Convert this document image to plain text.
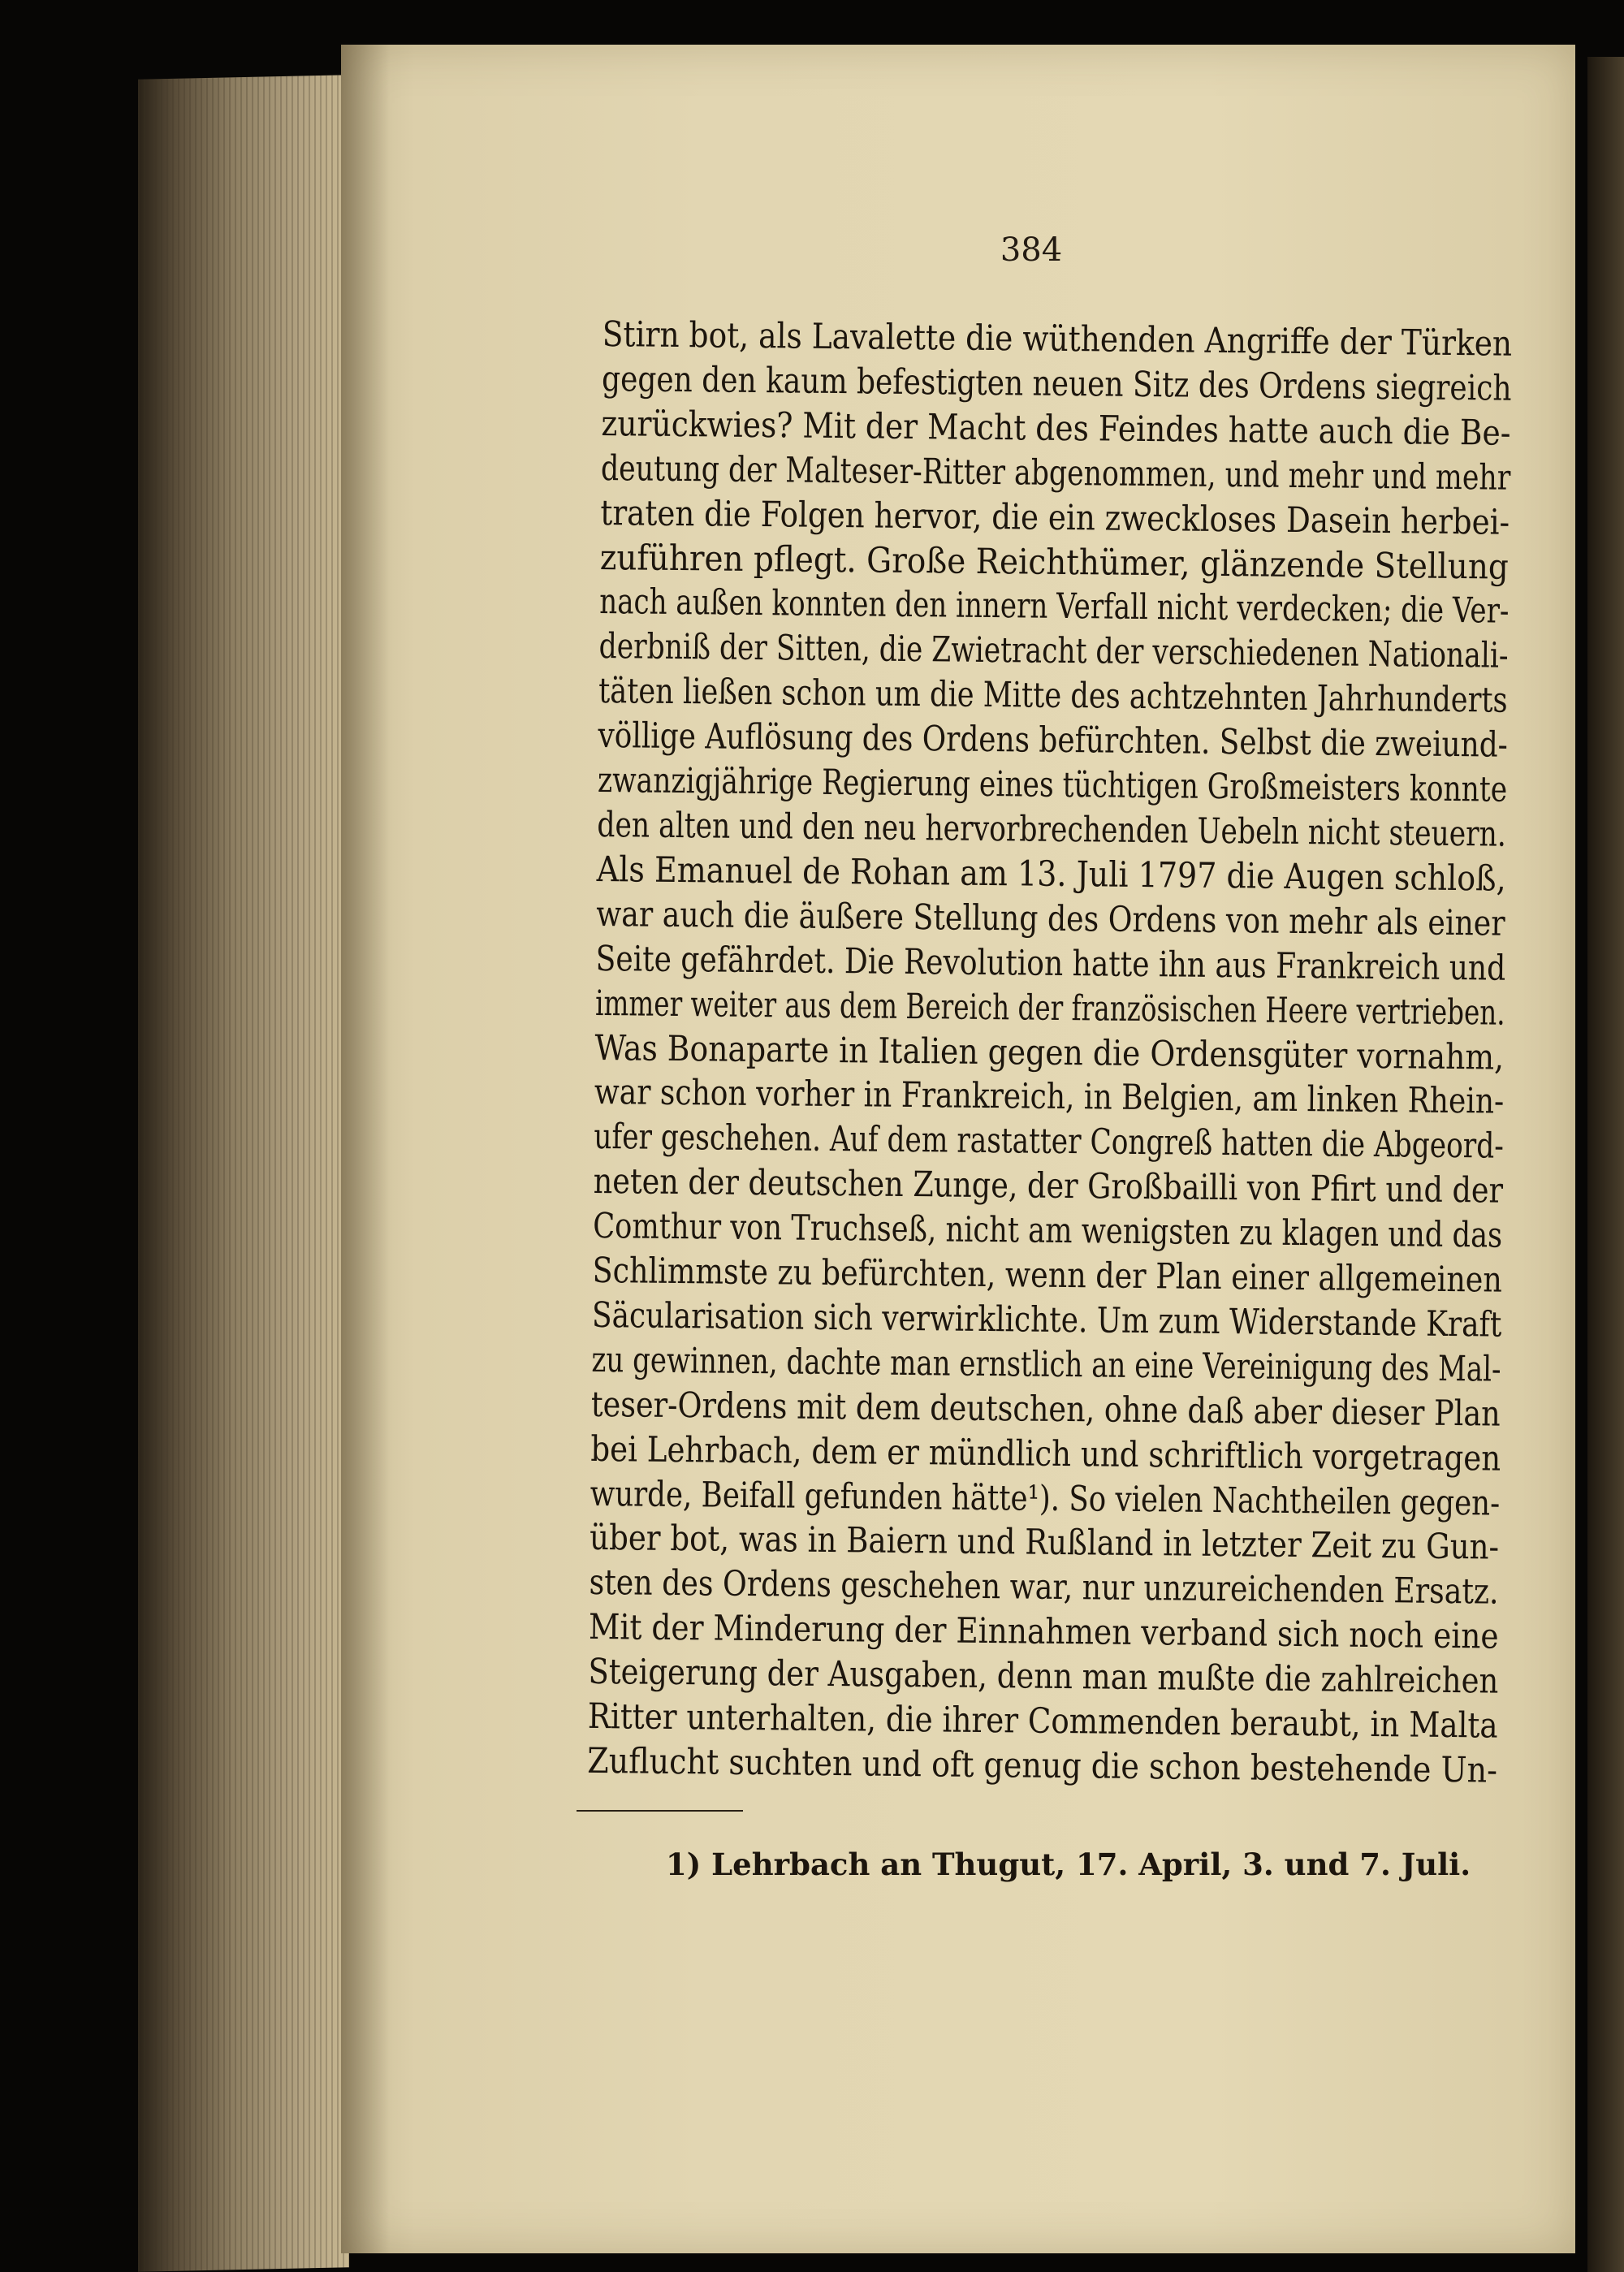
384
Stirn bot, als Lavalette die wüthenden Angriffe der Türken
gegen den kaum befestigten neuen Sitz des Ordens siegreich
zurückwies? Mit der Macht des Feindes hatte auch die Be-
deutung der Malteser-Ritter abgenommen, und mehr und mehr
traten die Folgen hervor, die ein zweckloses Dasein herbei-
zuführen pflegt. Große Reichthümer, glänzende Stellung
nach außen konnten den innern Verfall nicht verdecken; die Ver-
derbniß der Sitten, die Zwietracht der verschiedenen Nationali-
täten ließen schon um die Mitte des achtzehnten Jahrhunderts
völlige Auflösung des Ordens befürchten. Selbst die zweiund-
zwanzigjährige Regierung eines tüchtigen Großmeisters konnte
den alten und den neu hervorbrechenden Uebeln nicht steuern.
Als Emanuel de Rohan am 13. Juli 1797 die Augen schloß,
war auch die äußere Stellung des Ordens von mehr als einer
Seite gefährdet. Die Revolution hatte ihn aus Frankreich und
immer weiter aus dem Bereich der französischen Heere vertrieben.
Was Bonaparte in Italien gegen die Ordensgüter vornahm,
war schon vorher in Frankreich, in Belgien, am linken Rhein-
ufer geschehen. Auf dem rastatter Congreß hatten die Abgeord-
neten der deutschen Zunge, der Großbailli von Pfirt und der
Comthur von Truchseß, nicht am wenigsten zu klagen und das
Schlimmste zu befürchten, wenn der Plan einer allgemeinen
Säcularisation sich verwirklichte. Um zum Widerstande Kraft
zu gewinnen, dachte man ernstlich an eine Vereinigung des Mal-
teser-Ordens mit dem deutschen, ohne daß aber dieser Plan
bei Lehrbach, dem er mündlich und schriftlich vorgetragen
wurde, Beifall gefunden hätte¹). So vielen Nachtheilen gegen-
über bot, was in Baiern und Rußland in letzter Zeit zu Gun-
sten des Ordens geschehen war, nur unzureichenden Ersatz.
Mit der Minderung der Einnahmen verband sich noch eine
Steigerung der Ausgaben, denn man mußte die zahlreichen
Ritter unterhalten, die ihrer Commenden beraubt, in Malta
Zuflucht suchten und oft genug die schon bestehende Un-
1) Lehrbach an Thugut, 17. April, 3. und 7. Juli.
